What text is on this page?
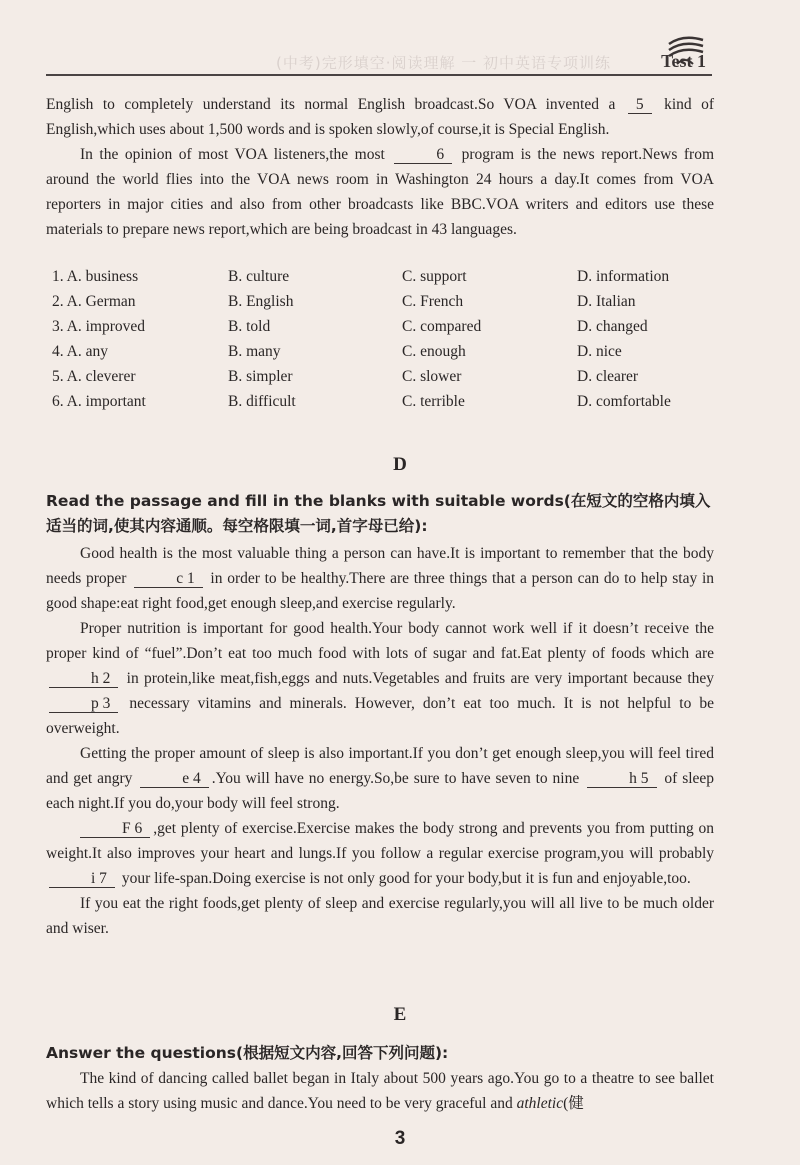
(中考)完形填空·阅读理解 一 初中英语专项训练	Test 1

English to completely understand its normal English broadcast.So VOA invented a 5 kind of English,which uses about 1,500 words and is spoken slowly,of course,it is Special English.

In the opinion of most VOA listeners,the most	6 program is the news report.News from around the world flies into the VOA news room in Washington 24 hours a day.It comes from VOA reporters in major cities and also from other broadcasts like BBC.VOA writers and editors use these materials to prepare news report,which are being broadcast in 43 languages.

1. A. business	B. culture	C. support	D. information
2. A. German	B. English	C. French	D. Italian
3. A. improved	B. told	C. compared	D. changed
4. A. any	B. many	C. enough	D. nice
5. A. cleverer	B. simpler	C. slower	D. clearer
6. A. important	B. difficult	C. terrible	D. comfortable
D
Read the passage and fill in the blanks with suitable words(在短文的空格内填入适当的词,使其内容通顺。每空格限填一词,首字母已给):

Good health is the most valuable thing a person can have.It is important to remember that the body needs proper	c 1 in order to be healthy.There are three things that a person can do to help stay in good shape:eat right food,get enough sleep,and exercise regularly.

Proper nutrition is important for good health.Your body cannot work well if it doesn’t receive the proper kind of “fuel”.Don’t eat too much food with lots of sugar and fat.Eat plenty of foods which are h 2 in protein,like meat,fish,eggs and nuts.Vegetables and fruits are very important because they p 3 necessary vitamins and minerals. However, don’t eat too much. It is not helpful to be overweight.

Getting the proper amount of sleep is also important.If you don’t get enough sleep,you will feel tired and get angry	e 4 .You will have no energy.So,be sure to have seven to nine	h 5 of sleep each night.If you do,your body will feel strong.

F 6 ,get plenty of exercise.Exercise makes the body strong and prevents you from putting on weight.It also improves your heart and lungs.If you follow a regular exercise program,you will probably i 7 your life-span.Doing exercise is not only good for your body,but it is fun and enjoyable,too.

If you eat the right foods,get plenty of sleep and exercise regularly,you will all live to be much older and wiser.

E
Answer the questions(根据短文内容,回答下列问题):

The kind of dancing called ballet began in Italy about 500 years ago.You go to a theatre to see ballet which tells a story using music and dance.You need to be very graceful and athletic(健

3
